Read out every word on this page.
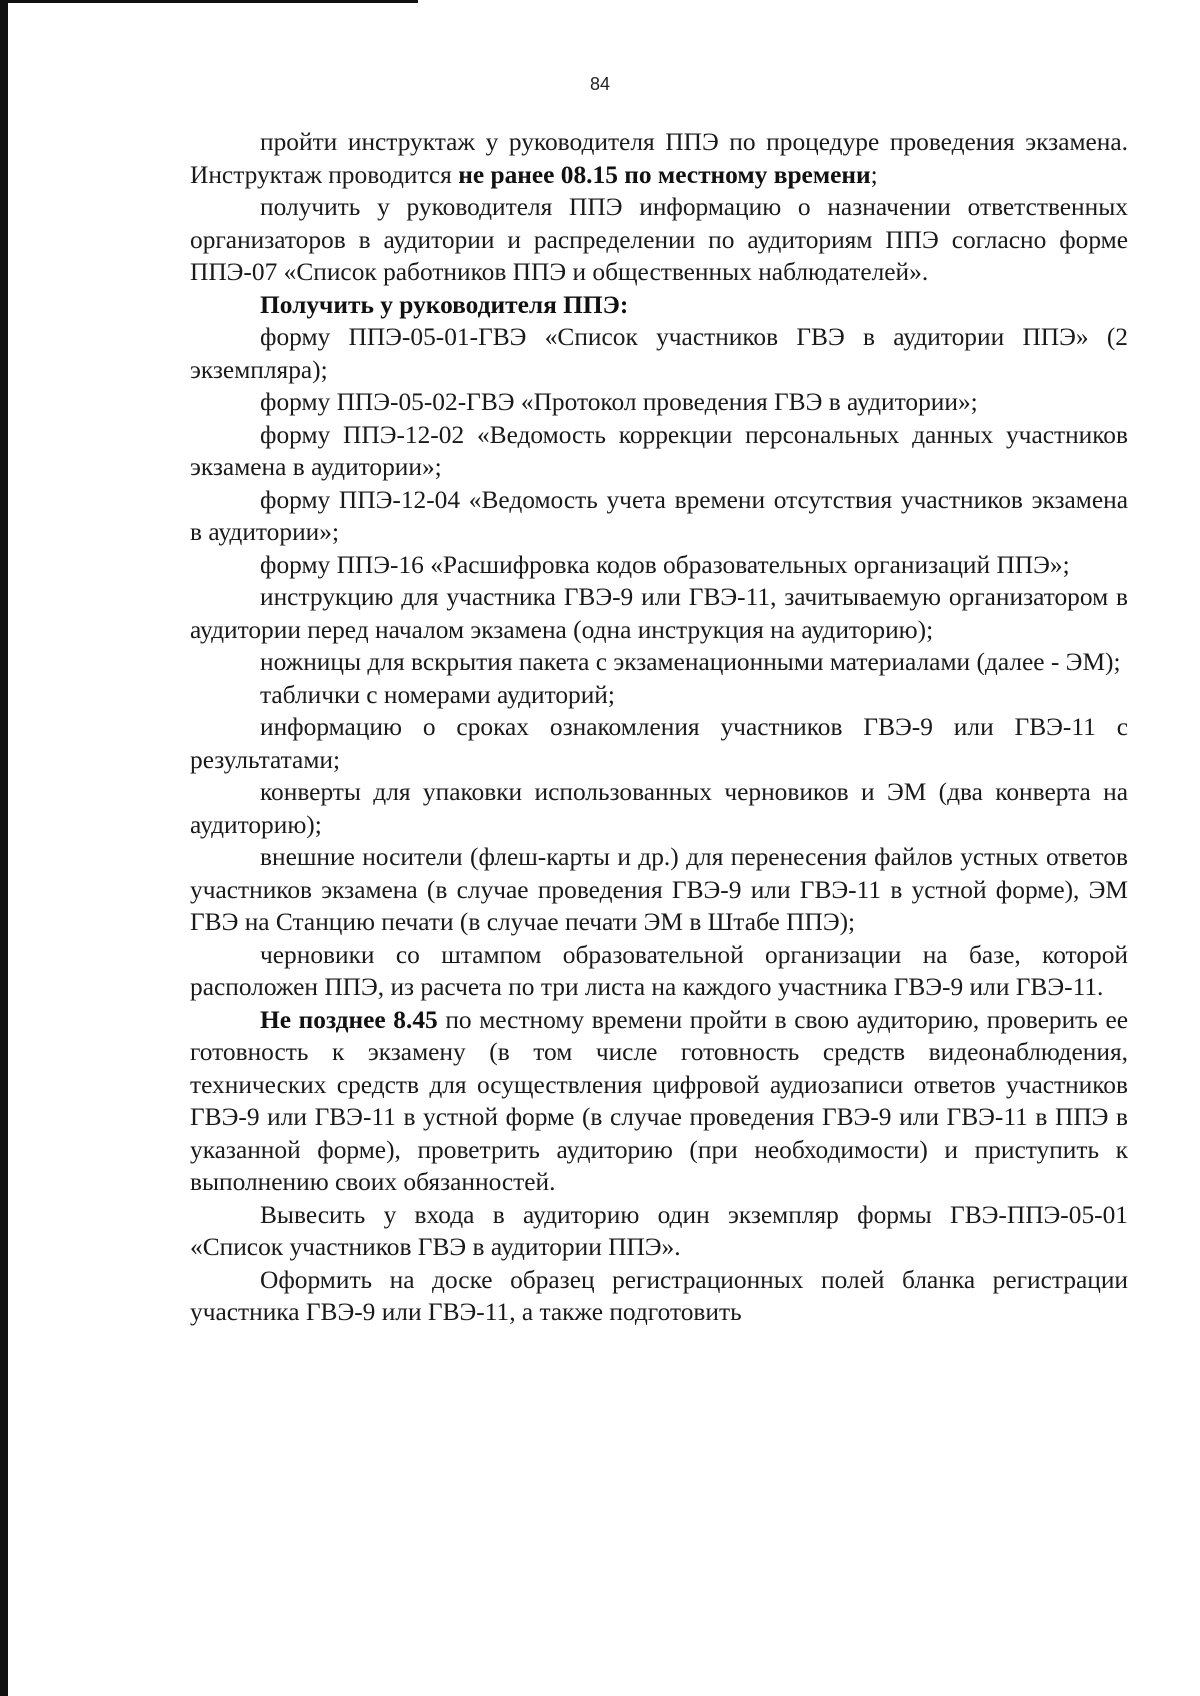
84

пройти инструктаж у руководителя ППЭ по процедуре проведения экзамена. Инструктаж проводится не ранее 08.15 по местному времени;

получить у руководителя ППЭ информацию о назначении ответственных организаторов в аудитории и распределении по аудиториям ППЭ согласно форме ППЭ-07 «Список работников ППЭ и общественных наблюдателей».

Получить у руководителя ППЭ:

форму ППЭ-05-01-ГВЭ «Список участников ГВЭ в аудитории ППЭ» (2 экземпляра);

форму ППЭ-05-02-ГВЭ «Протокол проведения ГВЭ в аудитории»;

форму ППЭ-12-02 «Ведомость коррекции персональных данных участников экзамена в аудитории»;

форму ППЭ-12-04 «Ведомость учета времени отсутствия участников экзамена в аудитории»;

форму ППЭ-16 «Расшифровка кодов образовательных организаций ППЭ»;

инструкцию для участника ГВЭ-9 или ГВЭ-11, зачитываемую организатором в аудитории перед началом экзамена (одна инструкция на аудиторию);

ножницы для вскрытия пакета с экзаменационными материалами (далее - ЭМ);

таблички с номерами аудиторий;

информацию о сроках ознакомления участников ГВЭ-9 или ГВЭ-11 с результатами;

конверты для упаковки использованных черновиков и ЭМ (два конверта на аудиторию);

внешние носители (флеш-карты и др.) для перенесения файлов устных ответов участников экзамена (в случае проведения ГВЭ-9 или ГВЭ-11 в устной форме), ЭМ ГВЭ на Станцию печати (в случае печати ЭМ в Штабе ППЭ);

черновики со штампом образовательной организации на базе, которой расположен ППЭ, из расчета по три листа на каждого участника ГВЭ-9 или ГВЭ-11.

Не позднее 8.45 по местному времени пройти в свою аудиторию, проверить ее готовность к экзамену (в том числе готовность средств видеонаблюдения, технических средств для осуществления цифровой аудиозаписи ответов участников ГВЭ-9 или ГВЭ-11 в устной форме (в случае проведения ГВЭ-9 или ГВЭ-11 в ППЭ в указанной форме), проветрить аудиторию (при необходимости) и приступить к выполнению своих обязанностей.

Вывесить у входа в аудиторию один экземпляр формы ГВЭ-ППЭ-05-01 «Список участников ГВЭ в аудитории ППЭ».

Оформить на доске образец регистрационных полей бланка регистрации участника ГВЭ-9 или ГВЭ-11, а также подготовить
